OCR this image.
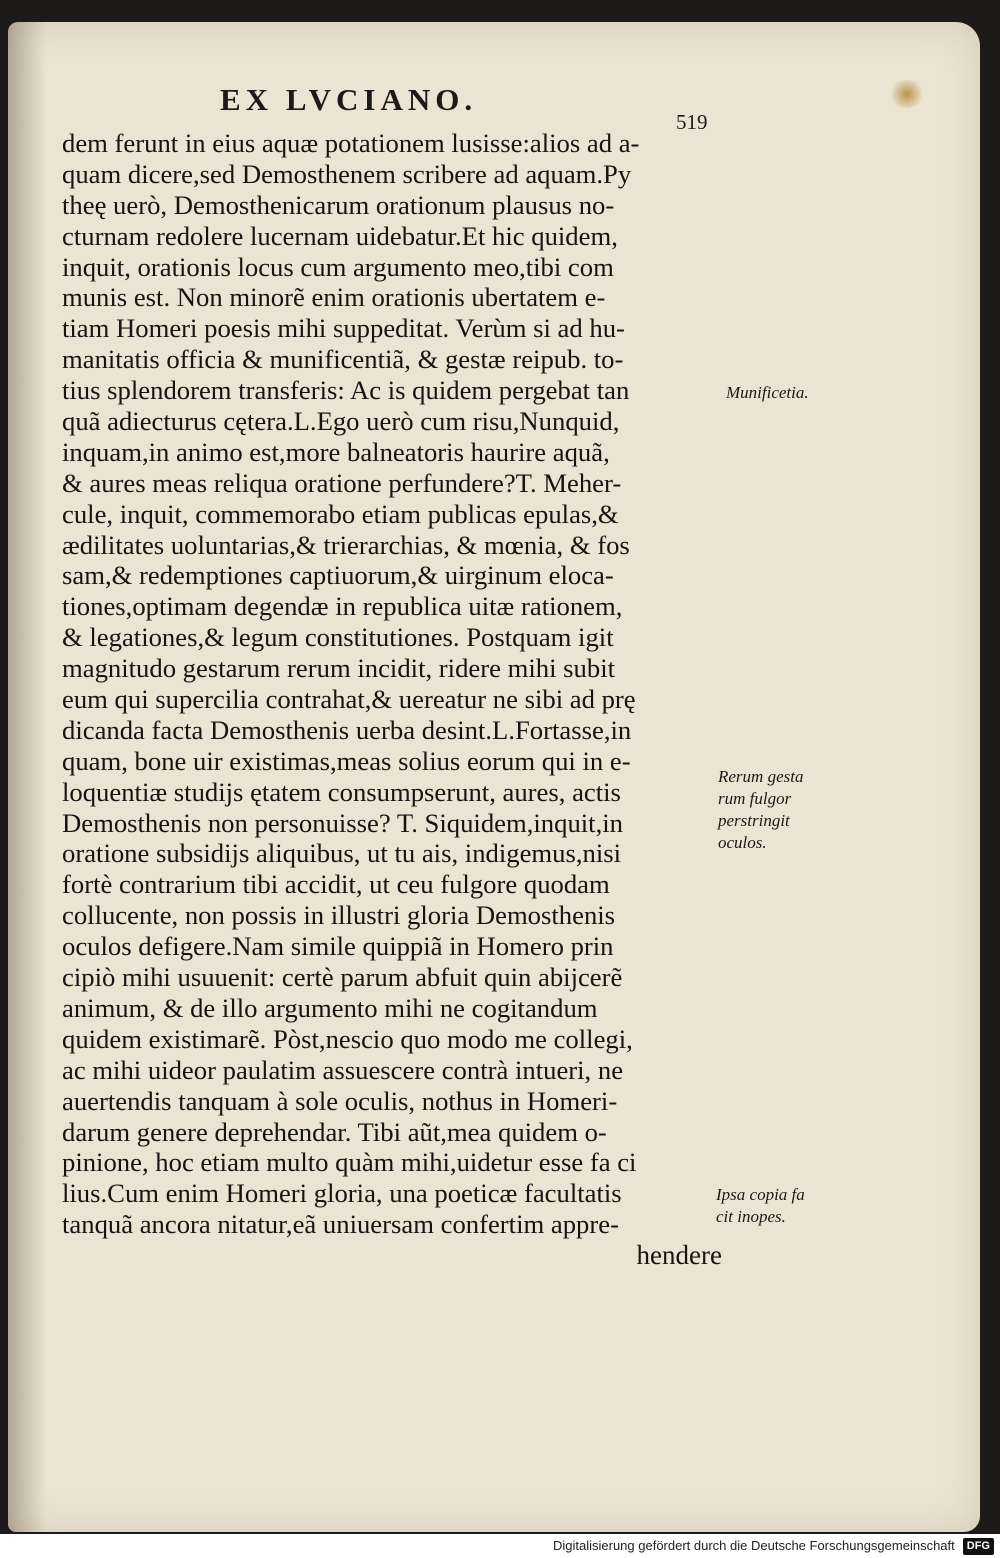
EX LVCIANO.
519
dem ferunt in eius aquæ potationem lusisse:alios ad a-
quam dicere,sed Demosthenem scribere ad aquam.Py
theę uerò, Demosthenicarum orationum plausus no-
cturnam redolere lucernam uidebatur.Et hic quidem,
inquit, orationis locus cum argumento meo,tibi com
munis est. Non minorẽ enim orationis ubertatem e-
tiam Homeri poesis mihi suppeditat. Verùm si ad hu-
manitatis officia & munificentiã, & gestæ reipub. to-
tius splendorem transferis: Ac is quidem pergebat tan
quã adiecturus cętera.L.Ego uerò cum risu,Nunquid,
inquam,in animo est,more balneatoris haurire aquã,
& aures meas reliqua oratione perfundere?T. Meher-
cule, inquit, commemorabo etiam publicas epulas,&
ædilitates uoluntarias,& trierarchias, & mœnia, & fos
sam,& redemptiones captiuorum,& uirginum eloca-
tiones,optimam degendæ in republica uitæ rationem,
& legationes,& legum constitutiones. Postquam igit
magnitudo gestarum rerum incidit, ridere mihi subit
eum qui supercilia contrahat,& uereatur ne sibi ad prę
dicanda facta Demosthenis uerba desint.L.Fortasse,in
quam, bone uir existimas,meas solius eorum qui in e-
loquentiæ studijs ętatem consumpserunt, aures, actis
Demosthenis non personuisse? T. Siquidem,inquit,in
oratione subsidijs aliquibus, ut tu ais, indigemus,nisi
fortè contrarium tibi accidit, ut ceu fulgore quodam
collucente, non possis in illustri gloria Demosthenis
oculos defigere.Nam simile quippiã in Homero prin
cipiò mihi usuuenit: certè parum abfuit quin abijcerẽ
animum, & de illo argumento mihi ne cogitandum
quidem existimarẽ. Pòst,nescio quo modo me collegi,
ac mihi uideor paulatim assuescere contrà intueri, ne
auertendis tanquam à sole oculis, nothus in Homeri-
darum genere deprehendar. Tibi aũt,mea quidem o-
pinione, hoc etiam multo quàm mihi,uidetur esse fa ci
lius.Cum enim Homeri gloria, una poeticæ facultatis
tanquã ancora nitatur,eã uniuersam confertim appre-
hendere
Munificetia.
Rerum gesta
rum fulgor
perstringit
oculos.
Ipsa copia fa
cit inopes.
Digitalisierung gefördert durch die Deutsche Forschungsgemeinschaft	DFG
